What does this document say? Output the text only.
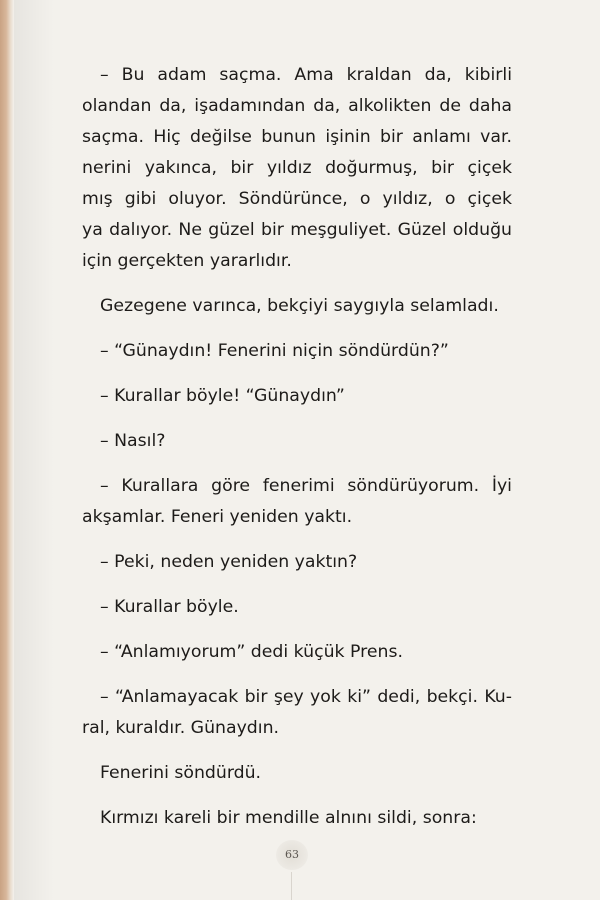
– Bu adam saçma. Ama kraldan da, kibirli
olandan da, işadamından da, alkolikten de daha
saçma. Hiç değilse bunun işinin bir anlamı var.
nerini yakınca, bir yıldız doğurmuş, bir çiçek
mış gibi oluyor. Söndürünce, o yıldız, o çiçek
ya dalıyor. Ne güzel bir meşguliyet. Güzel olduğu
için gerçekten yararlıdır.
Gezegene varınca, bekçiyi saygıyla selamladı.
– “Günaydın! Fenerini niçin söndürdün?”
– Kurallar böyle! “Günaydın”
– Nasıl?
– Kurallara göre fenerimi söndürüyorum. İyi
akşamlar. Feneri yeniden yaktı.
– Peki, neden yeniden yaktın?
– Kurallar böyle.
– “Anlamıyorum” dedi küçük Prens.
– “Anlamayacak bir şey yok ki” dedi, bekçi. Ku-
ral, kuraldır. Günaydın.
Fenerini söndürdü.
Kırmızı kareli bir mendille alnını sildi, sonra:
63
